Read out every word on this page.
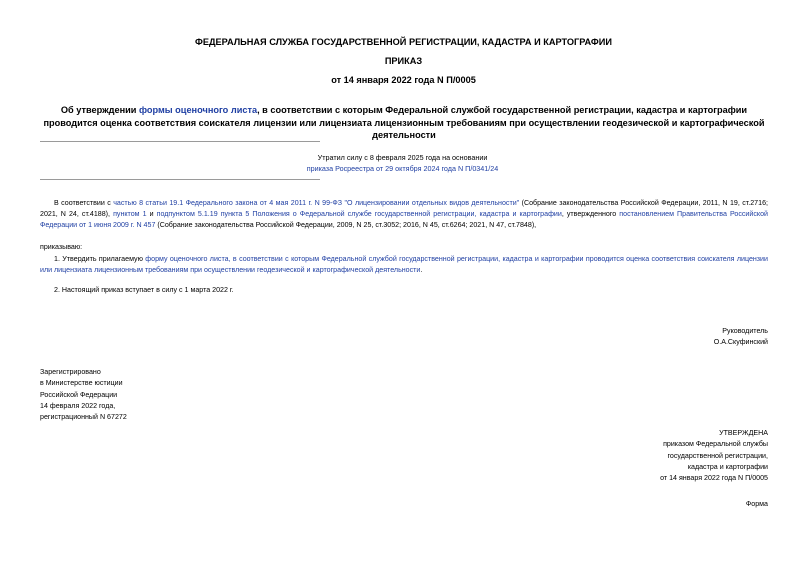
ФЕДЕРАЛЬНАЯ СЛУЖБА ГОСУДАРСТВЕННОЙ РЕГИСТРАЦИИ, КАДАСТРА И КАРТОГРАФИИ
ПРИКАЗ
от 14 января 2022 года N П/0005
Об утверждении формы оценочного листа, в соответствии с которым Федеральной службой государственной регистрации, кадастра и картографии проводится оценка соответствия соискателя лицензии или лицензиата лицензионным требованиям при осуществлении геодезической и картографической деятельности
Утратил силу с 8 февраля 2025 года на основании
приказа Росреестра от 29 октября 2024 года N П/0341/24
В соответствии с частью 8 статьи 19.1 Федерального закона от 4 мая 2011 г. N 99-ФЗ "О лицензировании отдельных видов деятельности" (Собрание законодательства Российской Федерации, 2011, N 19, ст.2716; 2021, N 24, ст.4188), пунктом 1 и подпунктом 5.1.19 пункта 5 Положения о Федеральной службе государственной регистрации, кадастра и картографии, утвержденного постановлением Правительства Российской Федерации от 1 июня 2009 г. N 457 (Собрание законодательства Российской Федерации, 2009, N 25, ст.3052; 2016, N 45, ст.6264; 2021, N 47, ст.7848),
приказываю:
1. Утвердить прилагаемую форму оценочного листа, в соответствии с которым Федеральной службой государственной регистрации, кадастра и картографии проводится оценка соответствия соискателя лицензии или лицензиата лицензионным требованиям при осуществлении геодезической и картографической деятельности.
2. Настоящий приказ вступает в силу с 1 марта 2022 г.
Руководитель
О.А.Скуфинский
Зарегистрировано
в Министерстве юстиции
Российской Федерации
14 февраля 2022 года,
регистрационный N 67272
УТВЕРЖДЕНА
приказом Федеральной службы
государственной регистрации,
кадастра и картографии
от 14 января 2022 года N П/0005
Форма
